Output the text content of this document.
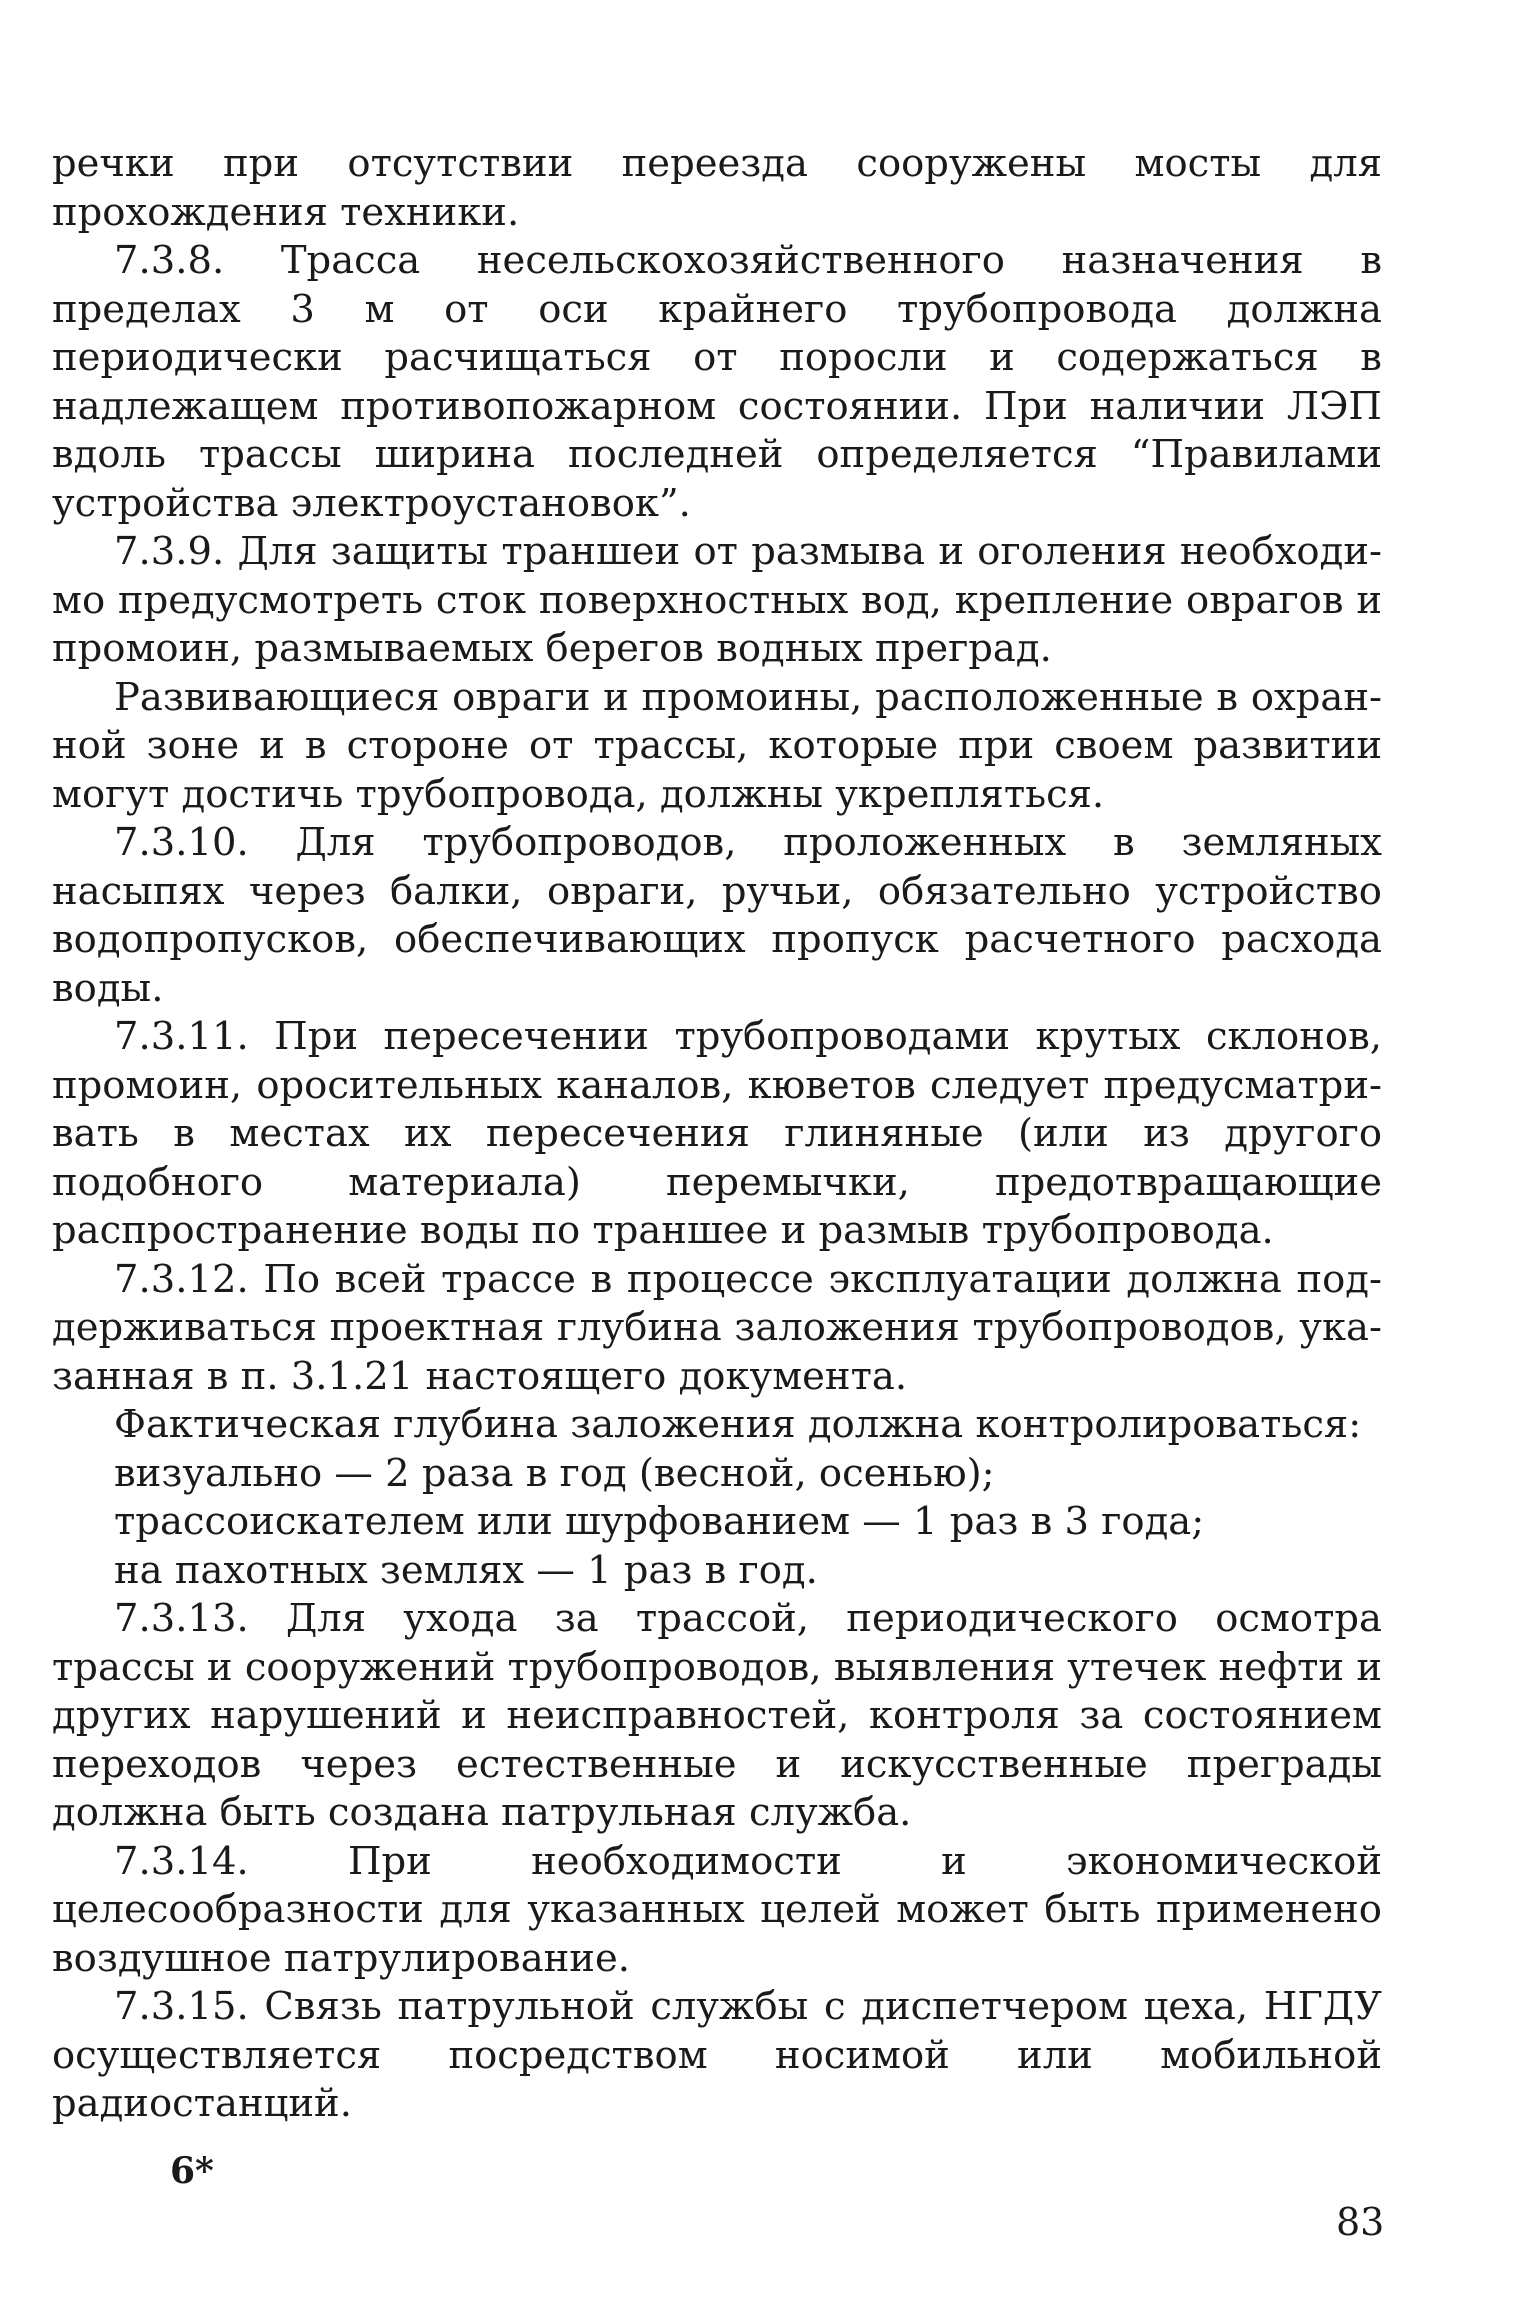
речки при отсутствии переезда сооружены мосты для прохождения техники.

7.3.8. Трасса несельскохозяйственного назначения в пределах 3 м от оси крайнего трубопровода должна периодически расчищаться от поросли и содержаться в надлежащем противопожарном состоянии. При наличии ЛЭП вдоль трассы ширина последней определяется “Правилами устройства электроустановок”.

7.3.9. Для защиты траншеи от размыва и оголения необходимо предусмотреть сток поверхностных вод, крепление оврагов и промоин, размываемых берегов водных преград.

Развивающиеся овраги и промоины, расположенные в охранной зоне и в стороне от трассы, которые при своем развитии могут достичь трубопровода, должны укрепляться.

7.3.10. Для трубопроводов, проложенных в земляных насыпях через балки, овраги, ручьи, обязательно устройство водопропусков, обеспечивающих пропуск расчетного расхода воды.

7.3.11. При пересечении трубопроводами крутых склонов, промоин, оросительных каналов, кюветов следует предусматривать в местах их пересечения глиняные (или из другого подобного материала) перемычки, предотвращающие распространение воды по траншее и размыв трубопровода.

7.3.12. По всей трассе в процессе эксплуатации должна поддерживаться проектная глубина заложения трубопроводов, указанная в п. 3.1.21 настоящего документа.

Фактическая глубина заложения должна контролироваться:

визуально — 2 раза в год (весной, осенью);

трассоискателем или шурфованием — 1 раз в 3 года;

на пахотных землях — 1 раз в год.

7.3.13. Для ухода за трассой, периодического осмотра трассы и сооружений трубопроводов, выявления утечек нефти и других нарушений и неисправностей, контроля за состоянием переходов через естественные и искусственные преграды должна быть создана патрульная служба.

7.3.14. При необходимости и экономической целесообразности для указанных целей может быть применено воздушное патрулирование.

7.3.15. Связь патрульной службы с диспетчером цеха, НГДУ осуществляется посредством носимой или мобильной радиостанций.

6*
83
